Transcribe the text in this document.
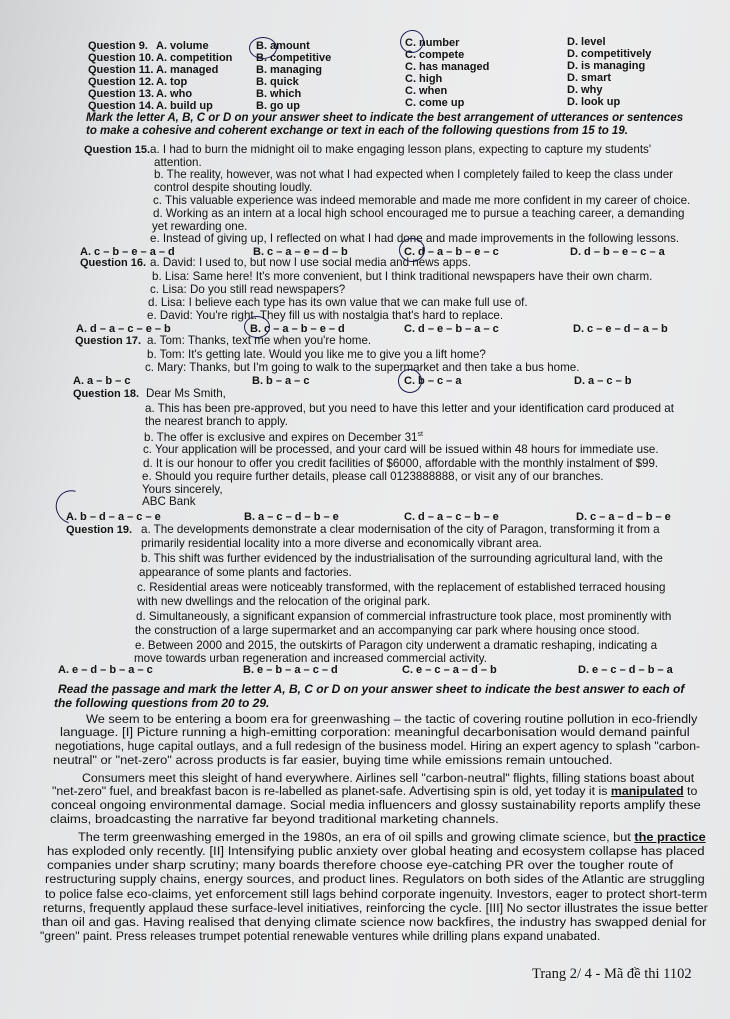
Question 9. A. volume	B. amount	C. number	D. level
Question 10. A. competition B. competitive	C. compete	D. competitively
Question 11. A. managed	B. managing	C. has managed	D. is managing
Question 12. A. top	B. quick	C. high	D. smart
Question 13. A. who	B. which	C. when	D. why
Question 14. A. build up	B. go up	C. come up	D. look up
Mark the letter A, B, C or D on your answer sheet to indicate the best arrangement of utterances or sentences
to make a cohesive and coherent exchange or text in each of the following questions from 15 to 19.
Question 15. a. I had to burn the midnight oil to make engaging lesson plans, expecting to capture my students'
attention.
b. The reality, however, was not what I had expected when I completely failed to keep the class under
control despite shouting loudly.
c. This valuable experience was indeed memorable and made me more confident in my career of choice.
d. Working as an intern at a local high school encouraged me to pursue a teaching career, a demanding
yet rewarding one.
e. Instead of giving up, I reflected on what I had done and made improvements in the following lessons.
A. c – b – e – a – d	B. c – a – e – d – b	C. d – a – b – e – c	D. d – b – e – c – a
Question 16. a. David: I used to, but now I use social media and news apps.
b. Lisa: Same here! It's more convenient, but I think traditional newspapers have their own charm.
c. Lisa: Do you still read newspapers?
d. Lisa: I believe each type has its own value that we can make full use of.
e. David: You're right. They fill us with nostalgia that's hard to replace.
A. d – a – c – e – b	B. c – a – b – e – d	C. d – e – b – a – c	D. c – e – d – a – b
Question 17. a. Tom: Thanks, text me when you're home.
b. Tom: It's getting late. Would you like me to give you a lift home?
c. Mary: Thanks, but I'm going to walk to the supermarket and then take a bus home.
A. a – b – c	B. b – a – c	C. b – c – a	D. a – c – b
Question 18. Dear Ms Smith,
a. This has been pre-approved, but you need to have this letter and your identification card produced at
the nearest branch to apply.
b. The offer is exclusive and expires on December 31st
c. Your application will be processed, and your card will be issued within 48 hours for immediate use.
d. It is our honour to offer you credit facilities of $6000, affordable with the monthly instalment of $99.
e. Should you require further details, please call 0123888888, or visit any of our branches.
Yours sincerely,
ABC Bank
A. b – d – a – c – e	B. a – c – d – b – e	C. d – a – c – b – e	D. c – a – d – b – e
Question 19. a. The developments demonstrate a clear modernisation of the city of Paragon, transforming it from a
primarily residential locality into a more diverse and economically vibrant area.
b. This shift was further evidenced by the industrialisation of the surrounding agricultural land, with the
appearance of some plants and factories.
c. Residential areas were noticeably transformed, with the replacement of established terraced housing
with new dwellings and the relocation of the original park.
d. Simultaneously, a significant expansion of commercial infrastructure took place, most prominently with
the construction of a large supermarket and an accompanying car park where housing once stood.
e. Between 2000 and 2015, the outskirts of Paragon city underwent a dramatic reshaping, indicating a
move towards urban regeneration and increased commercial activity.
A. e – d – b – a – c	B. e – b – a – c – d	C. e – c – a – d – b	D. e – c – d – b – a
Read the passage and mark the letter A, B, C or D on your answer sheet to indicate the best answer to each of
the following questions from 20 to 29.
We seem to be entering a boom era for greenwashing – the tactic of covering routine pollution in eco-friendly
language. [I] Picture running a high-emitting corporation: meaningful decarbonisation would demand painful
negotiations, huge capital outlays, and a full redesign of the business model. Hiring an expert agency to splash "carbon-
neutral" or "net-zero" across products is far easier, buying time while emissions remain untouched.
Consumers meet this sleight of hand everywhere. Airlines sell "carbon-neutral" flights, filling stations boast about
"net-zero" fuel, and breakfast bacon is re-labelled as planet-safe. Advertising spin is old, yet today it is manipulated to
conceal ongoing environmental damage. Social media influencers and glossy sustainability reports amplify these
claims, broadcasting the narrative far beyond traditional marketing channels.
The term greenwashing emerged in the 1980s, an era of oil spills and growing climate science, but the practice
has exploded only recently. [II] Intensifying public anxiety over global heating and ecosystem collapse has placed
companies under sharp scrutiny; many boards therefore choose eye-catching PR over the tougher route of
restructuring supply chains, energy sources, and product lines. Regulators on both sides of the Atlantic are struggling
to police false eco-claims, yet enforcement still lags behind corporate ingenuity. Investors, eager to protect short-term
returns, frequently applaud these surface-level initiatives, reinforcing the cycle. [III] No sector illustrates the issue better
than oil and gas. Having realised that denying climate science now backfires, the industry has swapped denial for
"green" paint. Press releases trumpet potential renewable ventures while drilling plans expand unabated.
Trang 2/ 4 - Mã đề thi 1102
